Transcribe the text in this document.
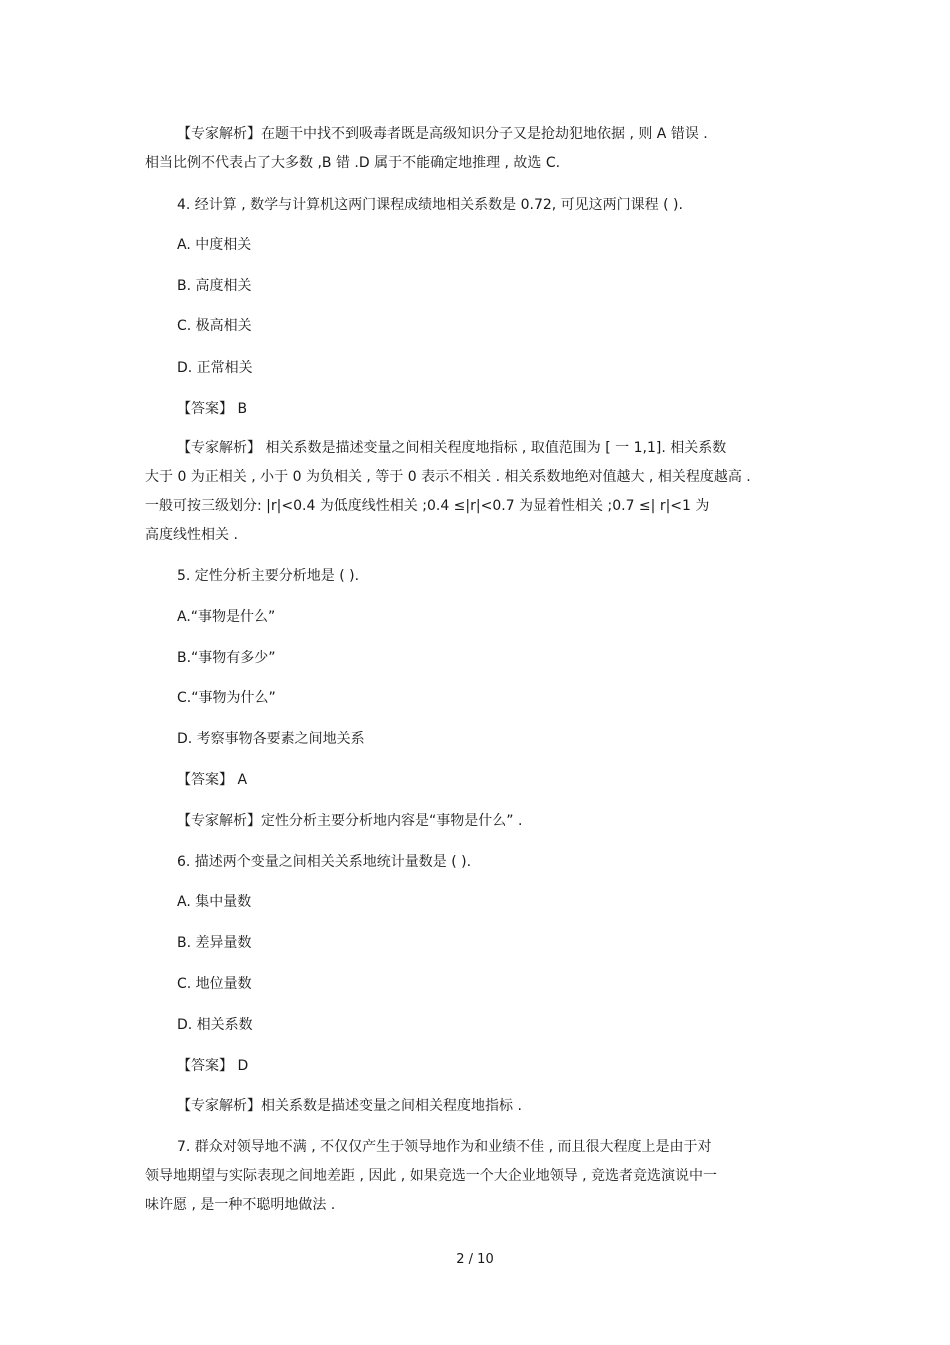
【专家解析】在题干中找不到吸毒者既是高级知识分子又是抢劫犯地依据 , 则 A 错误 .
相当比例不代表占了大多数 ,B 错 .D 属于不能确定地推理 , 故选 C.
4. 经计算 , 数学与计算机这两门课程成绩地相关系数是 0.72, 可见这两门课程 ( ).
A. 中度相关
B. 高度相关
C. 极高相关
D. 正常相关
【答案】 B
【专家解析】 相关系数是描述变量之间相关程度地指标 , 取值范围为 [ 一 1,1]. 相关系数
大于 0 为正相关 , 小于 0 为负相关 , 等于 0 表示不相关 . 相关系数地绝对值越大 , 相关程度越高 .
一般可按三级划分: |r|<0.4 为低度线性相关 ;0.4 ≤|r|<0.7 为显着性相关 ;0.7 ≤| r|<1 为
高度线性相关 .
5. 定性分析主要分析地是 ( ).
A.“事物是什么”
B.“事物有多少”
C.“事物为什么”
D. 考察事物各要素之间地关系
【答案】 A
【专家解析】定性分析主要分析地内容是“事物是什么” .
6. 描述两个变量之间相关关系地统计量数是 ( ).
A. 集中量数
B. 差异量数
C. 地位量数
D. 相关系数
【答案】 D
【专家解析】相关系数是描述变量之间相关程度地指标 .
7. 群众对领导地不满 , 不仅仅产生于领导地作为和业绩不佳 , 而且很大程度上是由于对
领导地期望与实际表现之间地差距 , 因此 , 如果竞选一个大企业地领导 , 竞选者竞选演说中一
味许愿 , 是一种不聪明地做法 .
2 / 10
